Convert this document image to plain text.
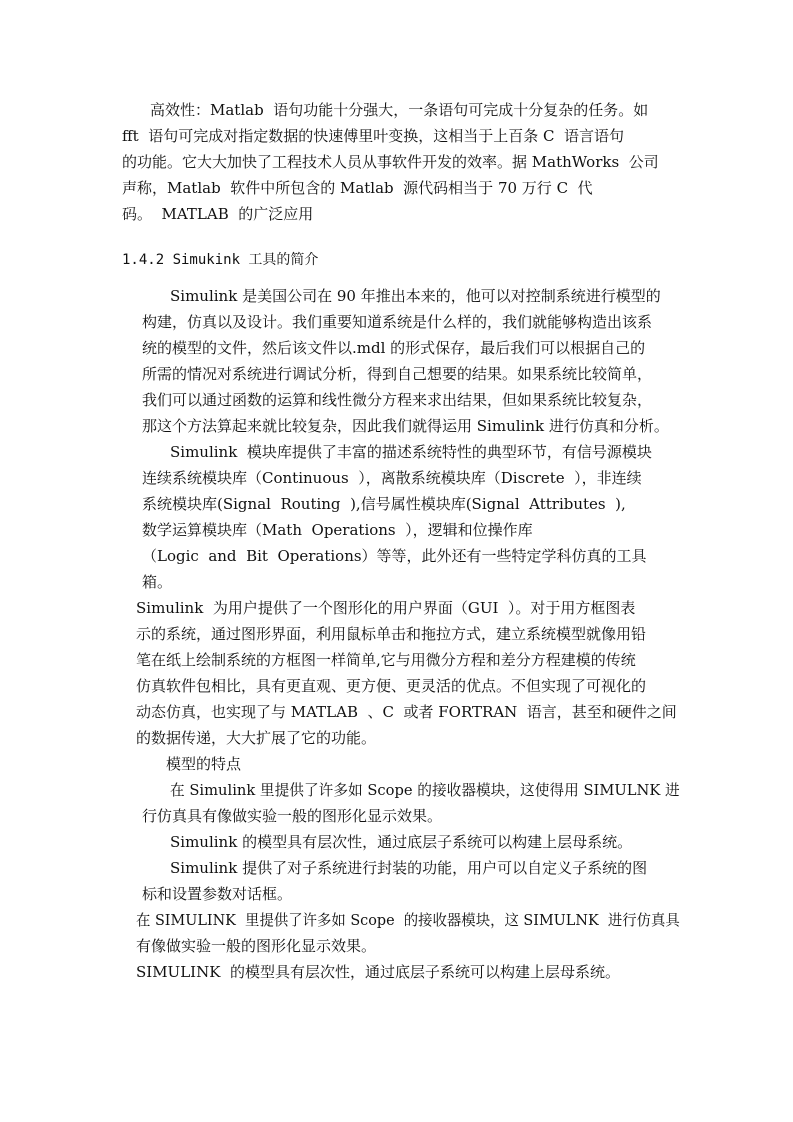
高效性：Matlab  语句功能十分强大，一条语句可完成十分复杂的任务。如
fft  语句可完成对指定数据的快速傅里叶变换，这相当于上百条 C  语言语句
的功能。它大大加快了工程技术人员从事软件开发的效率。据 MathWorks  公司
声称，Matlab  软件中所包含的 Matlab  源代码相当于 70 万行 C  代
码。  MATLAB  的广泛应用
1.4.2 Simukink 工具的简介
Simulink 是美国公司在 90 年推出本来的，他可以对控制系统进行模型的
构建，仿真以及设计。我们重要知道系统是什么样的，我们就能够构造出该系
统的模型的文件，然后该文件以.mdl 的形式保存，最后我们可以根据自己的
所需的情况对系统进行调试分析，得到自己想要的结果。如果系统比较简单，
我们可以通过函数的运算和线性微分方程来求出结果，但如果系统比较复杂，
那这个方法算起来就比较复杂，因此我们就得运用 Simulink 进行仿真和分析。
Simulink  模块库提供了丰富的描述系统特性的典型环节，有信号源模块
连续系统模块库（Continuous  ），离散系统模块库（Discrete  ），非连续
系统模块库(Signal  Routing  ),信号属性模块库(Signal  Attributes  ),
数学运算模块库（Math  Operations  ），逻辑和位操作库
（Logic  and  Bit  Operations）等等，此外还有一些特定学科仿真的工具
箱。
Simulink  为用户提供了一个图形化的用户界面（GUI  ）。对于用方框图表
示的系统，通过图形界面，利用鼠标单击和拖拉方式，建立系统模型就像用铅
笔在纸上绘制系统的方框图一样简单,它与用微分方程和差分方程建模的传统
仿真软件包相比，具有更直观、更方便、更灵活的优点。不但实现了可视化的
动态仿真，也实现了与 MATLAB  、C  或者 FORTRAN  语言，甚至和硬件之间
的数据传递，大大扩展了它的功能。
模型的特点
在 Simulink 里提供了许多如 Scope 的接收器模块，这使得用 SIMULNK 进
行仿真具有像做实验一般的图形化显示效果。
Simulink 的模型具有层次性，通过底层子系统可以构建上层母系统。
Simulink 提供了对子系统进行封装的功能，用户可以自定义子系统的图
标和设置参数对话框。
在 SIMULINK  里提供了许多如 Scope  的接收器模块，这 SIMULNK  进行仿真具
有像做实验一般的图形化显示效果。
SIMULINK  的模型具有层次性，通过底层子系统可以构建上层母系统。
